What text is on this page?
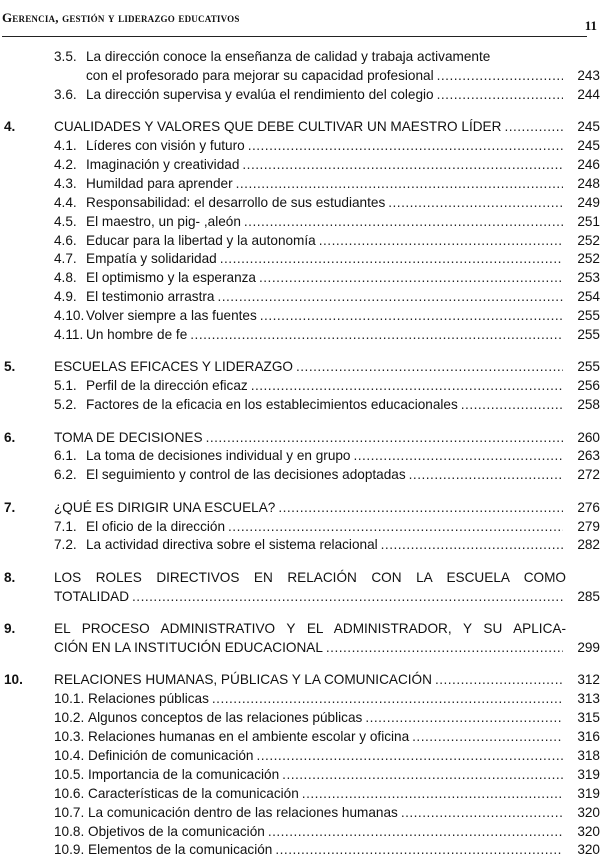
Gerencia, gestión y liderazgo educativos
11
3.5. La dirección conoce la enseñanza de calidad y trabaja activamente
con el profesorado para mejorar su capacidad profesional .....	243
3.6. La dirección supervisa y evalúa el rendimiento del colegio .....	244
4.	CUALIDADES Y VALORES QUE DEBE CULTIVAR UN MAESTRO LÍDER .....	245
4.1. Líderes con visión y futuro .....	245
4.2. Imaginación y creatividad .....	246
4.3. Humildad para aprender .....	248
4.4. Responsabilidad: el desarrollo de sus estudiantes .....	249
4.5. El maestro, un pig- ,aleón .....	251
4.6. Educar para la libertad y la autonomía .....	252
4.7. Empatía y solidaridad .....	252
4.8. El optimismo y la esperanza .....	253
4.9. El testimonio arrastra .....	254
4.10. Volver siempre a las fuentes .....	255
4.11. Un hombre de fe .....	255
5.	ESCUELAS EFICACES Y LIDERAZGO .....	255
5.1. Perfil de la dirección eficaz .....	256
5.2. Factores de la eficacia en los establecimientos educacionales .....	258
6.	TOMA DE DECISIONES .....	260
6.1. La toma de decisiones individual y en grupo .....	263
6.2. El seguimiento y control de las decisiones adoptadas .....	272
7.	¿QUÉ ES DIRIGIR UNA ESCUELA? .....	276
7.1. El oficio de la dirección .....	279
7.2. La actividad directiva sobre el sistema relacional .....	282
8.	LOS ROLES DIRECTIVOS EN RELACIÓN CON LA ESCUELA COMO
TOTALIDAD .....	285
9.	EL PROCESO ADMINISTRATIVO Y EL ADMINISTRADOR, Y SU APLICA-
CIÓN EN LA INSTITUCIÓN EDUCACIONAL .....	299
10. RELACIONES HUMANAS, PÚBLICAS Y LA COMUNICACIÓN .....	312
10.1. Relaciones públicas .....	313
10.2. Algunos conceptos de las relaciones públicas .....	315
10.3. Relaciones humanas en el ambiente escolar y oficina .....	316
10.4. Definición de comunicación .....	318
10.5. Importancia de la comunicación .....	319
10.6. Características de la comunicación .....	319
10.7. La comunicación dentro de las relaciones humanas .....	320
10.8. Objetivos de la comunicación .....	320
10.9. Elementos de la comunicación .....	320
